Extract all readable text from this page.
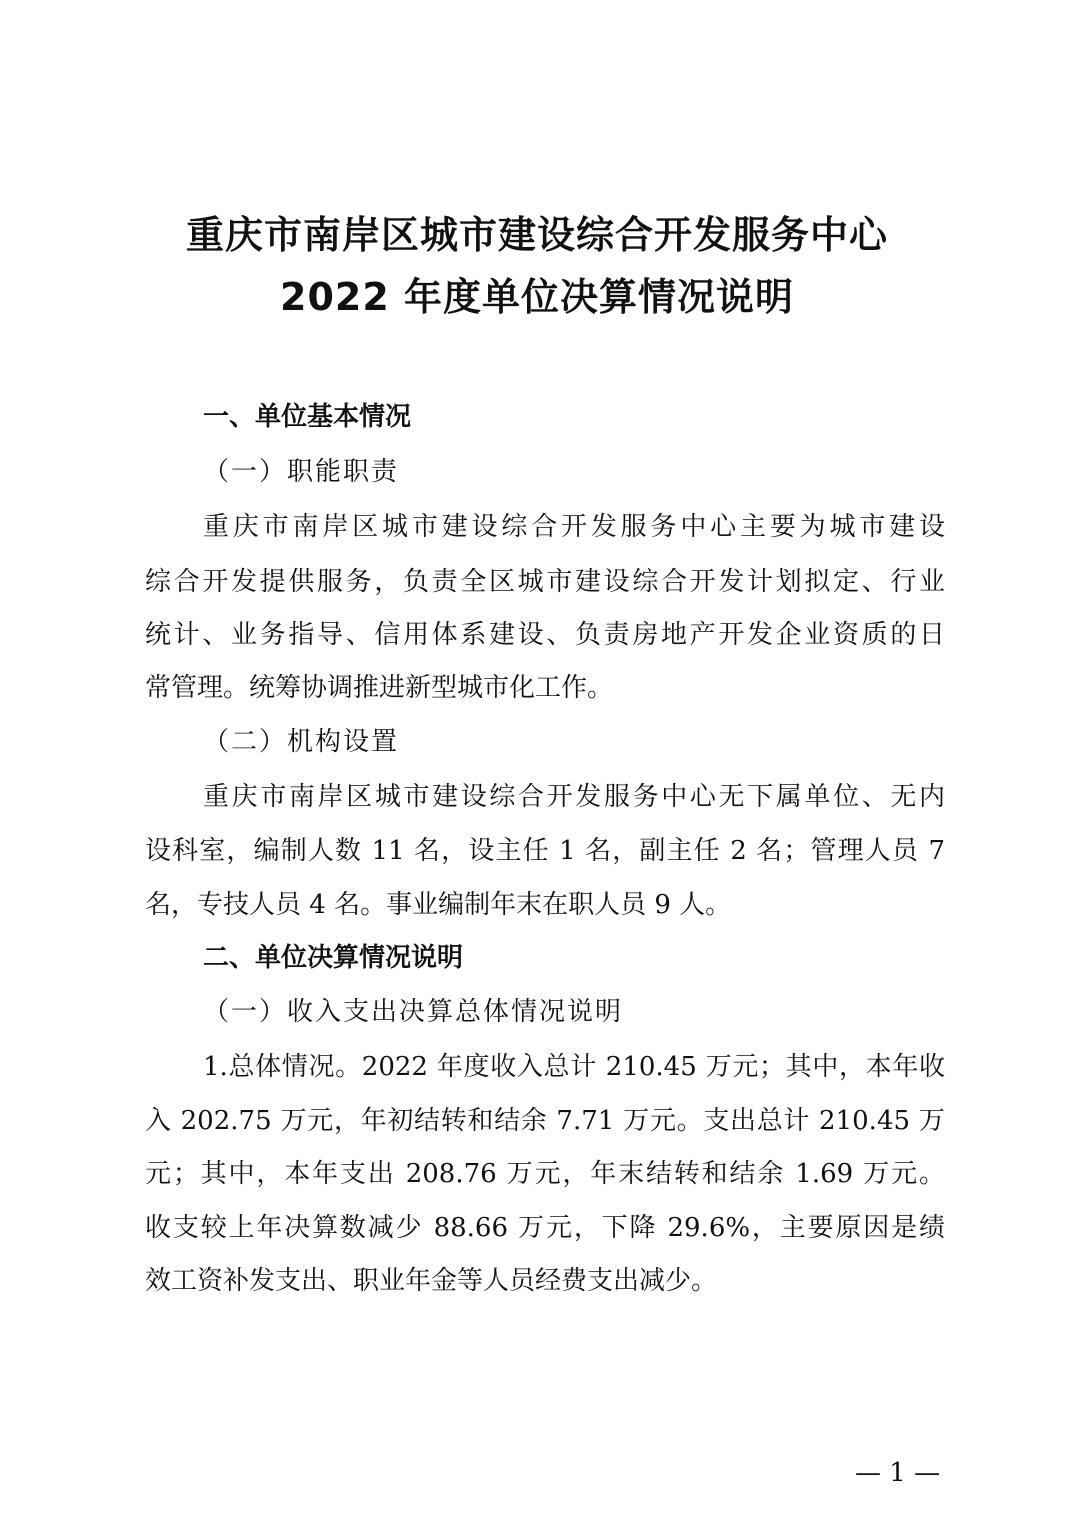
重庆市南岸区城市建设综合开发服务中心
2022 年度单位决算情况说明
一、单位基本情况
（一）职能职责
重庆市南岸区城市建设综合开发服务中心主要为城市建设
综合开发提供服务，负责全区城市建设综合开发计划拟定、行业
统计、业务指导、信用体系建设、负责房地产开发企业资质的日
常管理。统筹协调推进新型城市化工作。
（二）机构设置
重庆市南岸区城市建设综合开发服务中心无下属单位、无内
设科室，编制人数 11 名，设主任 1 名，副主任 2 名；管理人员 7
名，专技人员 4 名。事业编制年末在职人员 9 人。
二、单位决算情况说明
（一）收入支出决算总体情况说明
1.总体情况。2022 年度收入总计 210.45 万元；其中，本年收
入 202.75 万元，年初结转和结余 7.71 万元。支出总计 210.45 万
元；其中，本年支出 208.76 万元，年末结转和结余 1.69 万元。
收支较上年决算数减少 88.66 万元，下降 29.6%，主要原因是绩
效工资补发支出、职业年金等人员经费支出减少。
— 1 —
